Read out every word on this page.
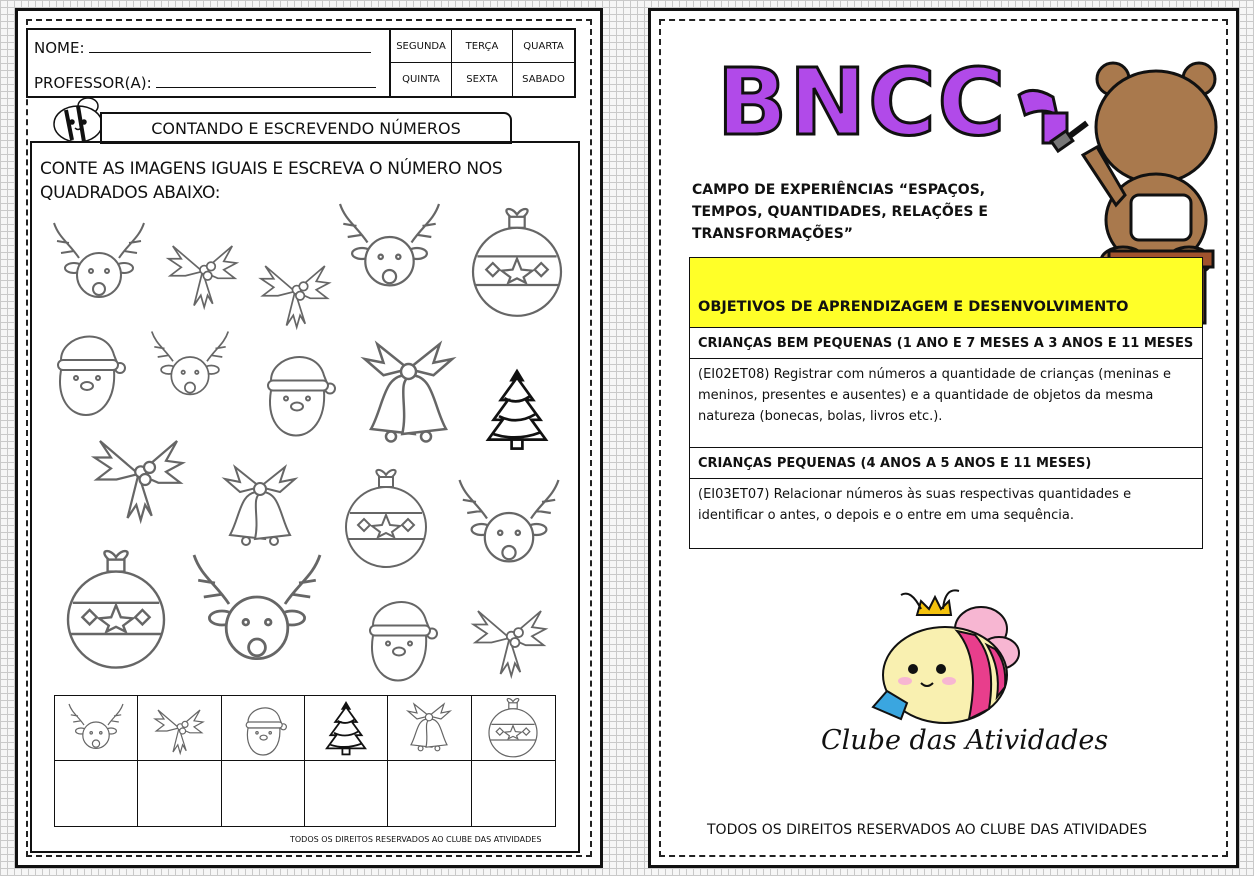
NOME:
PROFESSOR(A):
SEGUNDA	TERÇA	QUARTA
QUINTA	SEXTA	SABADO
CONTANDO E ESCREVENDO NÚMEROS
CONTE AS IMAGENS IGUAIS E ESCREVA O NÚMERO NOS QUADRADOS ABAIXO:
TODOS OS DIREITOS RESERVADOS AO CLUBE DAS ATIVIDADES
BNCC
CAMPO DE EXPERIÊNCIAS “ESPAÇOS, TEMPOS, QUANTIDADES, RELAÇÕES E TRANSFORMAÇÕES”
OBJETIVOS DE APRENDIZAGEM E DESENVOLVIMENTO
CRIANÇAS BEM PEQUENAS (1 ANO E 7 MESES A 3 ANOS E 11 MESES
(EI02ET08) Registrar com números a quantidade de crianças (meninas e meninos, presentes e ausentes) e a quantidade de objetos da mesma natureza (bonecas, bolas, livros etc.).
CRIANÇAS PEQUENAS (4 ANOS A 5 ANOS E 11 MESES)
(EI03ET07) Relacionar números às suas respectivas quantidades e identificar o antes, o depois e o entre em uma sequência.
Clube das Atividades
TODOS OS DIREITOS RESERVADOS AO CLUBE DAS ATIVIDADES
